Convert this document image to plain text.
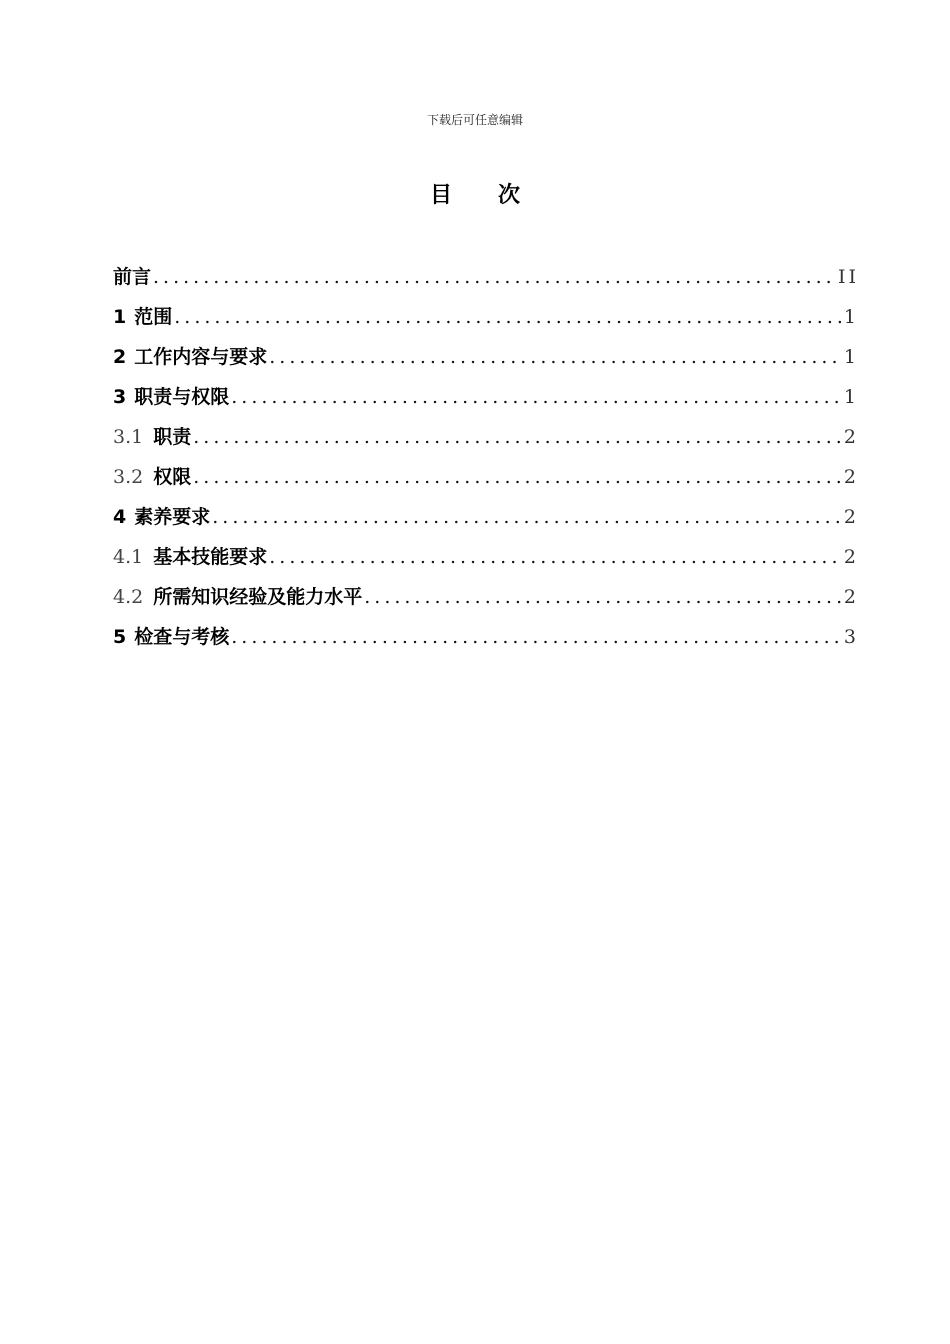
下载后可任意编辑
目 次
前言 .....	II
1 范围 .....	1
2 工作内容与要求 .....	1
3 职责与权限 .....	1
3.1 职责 .....	2
3.2 权限 .....	2
4 素养要求 .....	2
4.1 基本技能要求 .....	2
4.2 所需知识经验及能力水平 .....	2
5 检查与考核 .....	3
